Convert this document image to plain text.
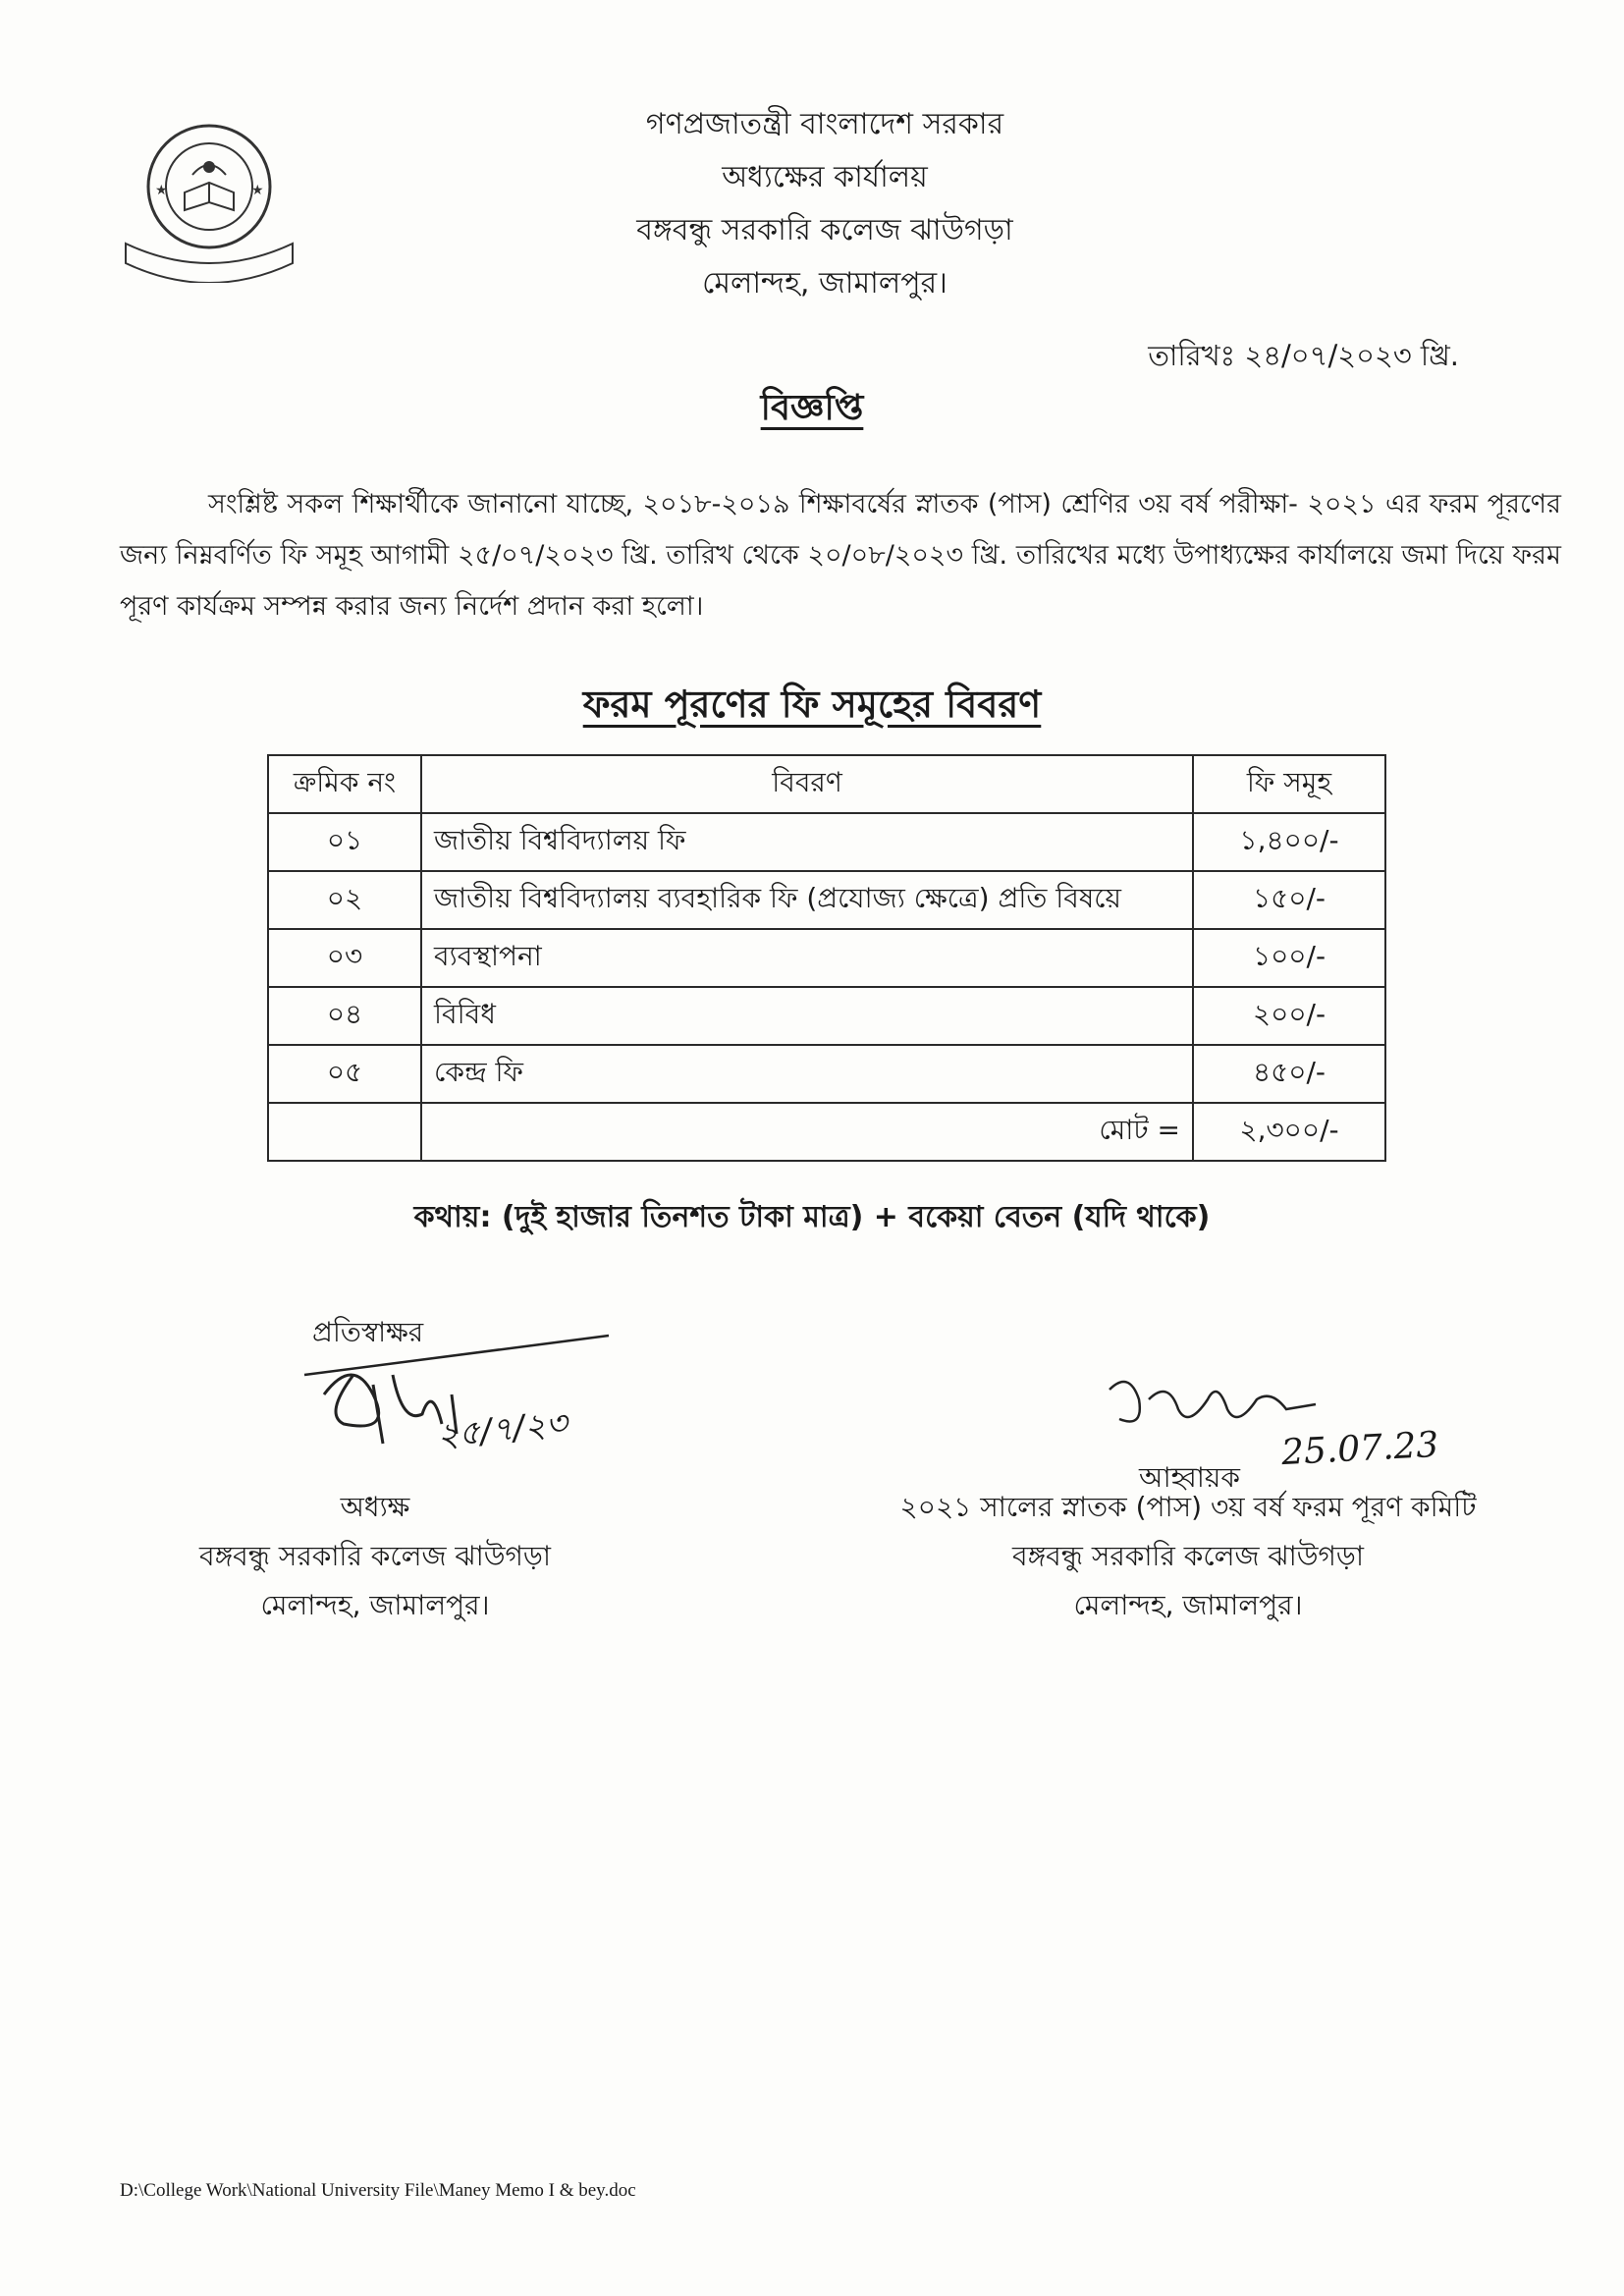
★	★
গণপ্রজাতন্ত্রী বাংলাদেশ সরকার
অধ্যক্ষের কার্যালয়
বঙ্গবন্ধু সরকারি কলেজ ঝাউগড়া
মেলান্দহ, জামালপুর।
তারিখঃ ২৪/০৭/২০২৩ খ্রি.
বিজ্ঞপ্তি
সংশ্লিষ্ট সকল শিক্ষার্থীকে জানানো যাচ্ছে, ২০১৮-২০১৯ শিক্ষাবর্ষের স্নাতক (পাস) শ্রেণির ৩য় বর্ষ পরীক্ষা- ২০২১ এর ফরম পূরণের জন্য নিম্নবর্ণিত ফি সমূহ আগামী ২৫/০৭/২০২৩ খ্রি. তারিখ থেকে ২০/০৮/২০২৩ খ্রি. তারিখের মধ্যে উপাধ্যক্ষের কার্যালয়ে জমা দিয়ে ফরম পূরণ কার্যক্রম সম্পন্ন করার জন্য নির্দেশ প্রদান করা হলো।
ফরম পূরণের ফি সমূহের বিবরণ
ক্রমিক নং	বিবরণ	ফি সমূহ
০১	জাতীয় বিশ্ববিদ্যালয় ফি	১,৪০০/-
০২	জাতীয় বিশ্ববিদ্যালয় ব্যবহারিক ফি (প্রযোজ্য ক্ষেত্রে) প্রতি বিষয়ে	১৫০/-
০৩	ব্যবস্থাপনা	১০০/-
০৪	বিবিধ	২০০/-
০৫	কেন্দ্র ফি	৪৫০/-
	মোট =	২,৩০০/-
কথায়: (দুই হাজার তিনশত টাকা মাত্র) + বকেয়া বেতন (যদি থাকে)
প্রতিস্বাক্ষর
২৫/৭/২৩
অধ্যক্ষ
বঙ্গবন্ধু সরকারি কলেজ ঝাউগড়া
মেলান্দহ, জামালপুর।
25.07.23
আহ্বায়ক
২০২১ সালের স্নাতক (পাস) ৩য় বর্ষ ফরম পূরণ কমিটি
বঙ্গবন্ধু সরকারি কলেজ ঝাউগড়া
মেলান্দহ, জামালপুর।
D:\College Work\National University File\Maney Memo I & bey.doc
